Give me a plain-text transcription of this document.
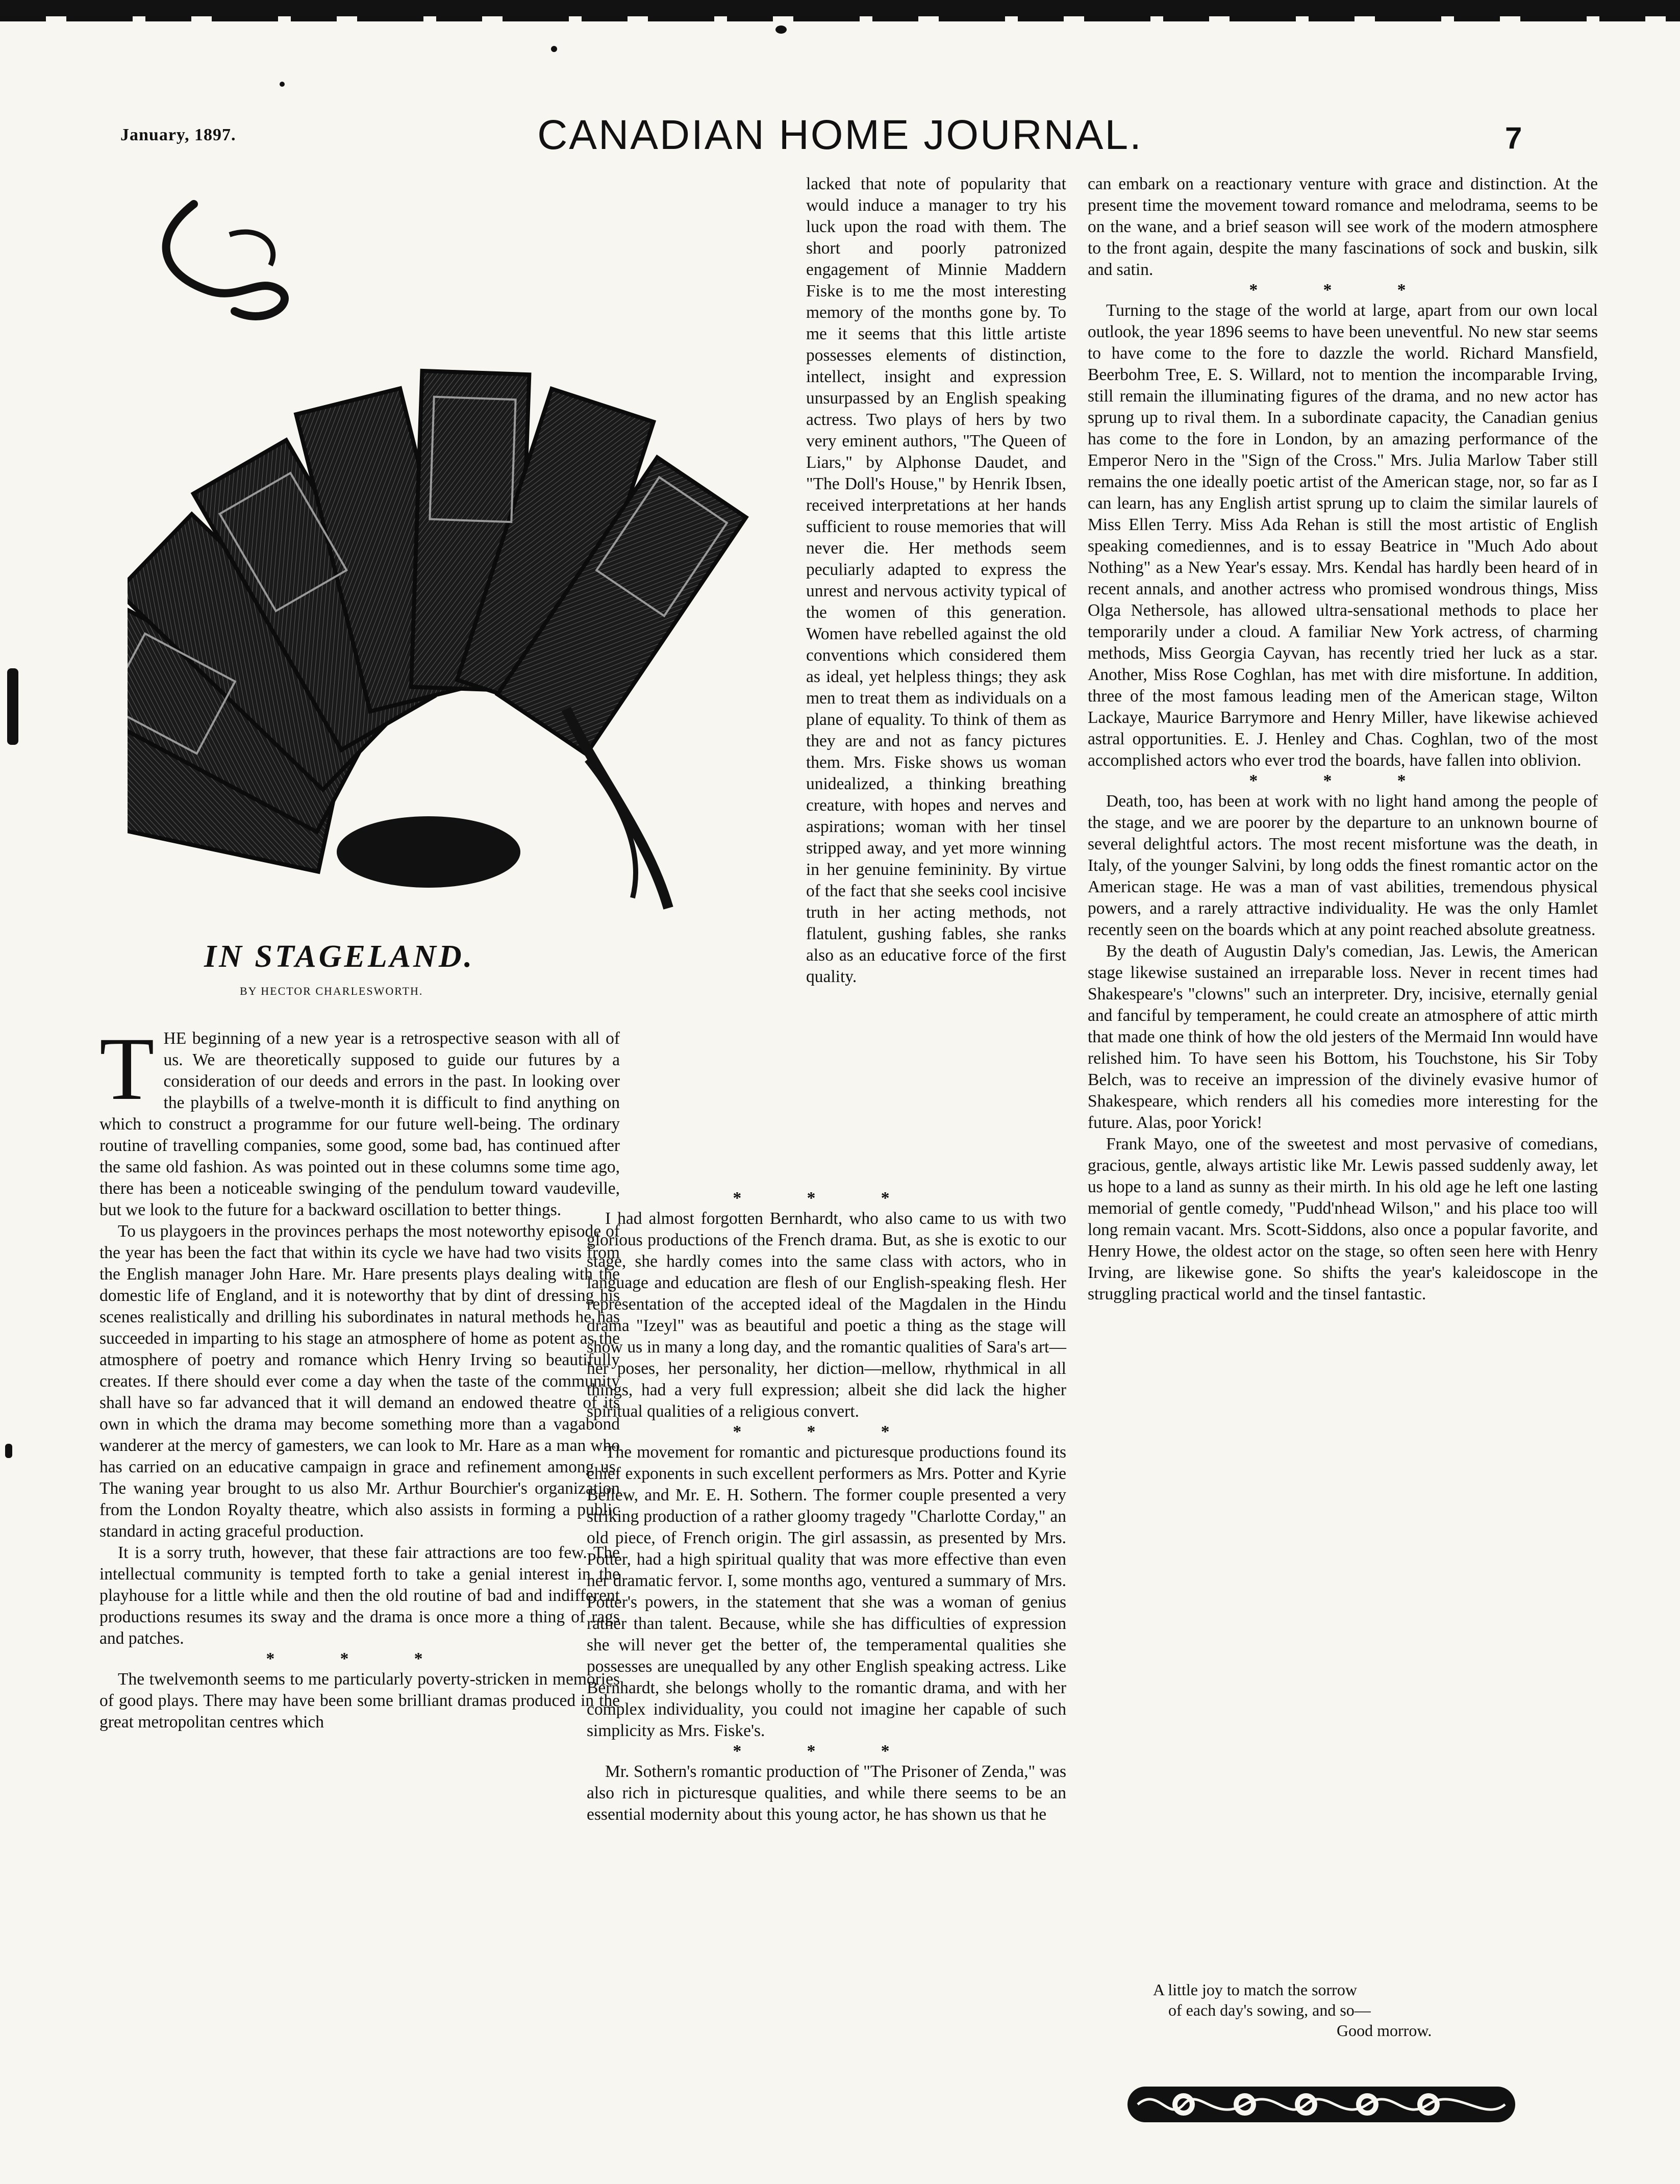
January, 1897.	CANADIAN HOME JOURNAL.	7
IN STAGELAND.
BY HECTOR CHARLESWORTH.

THE beginning of a new year is a retrospective season with all of us. We are theoretically supposed to guide our futures by a consideration of our deeds and errors in the past. In looking over the playbills of a twelve-month it is difficult to find anything on which to construct a programme for our future well-being. The ordinary routine of travelling companies, some good, some bad, has continued after the same old fashion. As was pointed out in these columns some time ago, there has been a noticeable swinging of the pendulum toward vaudeville, but we look to the future for a backward oscillation to better things.

To us playgoers in the provinces perhaps the most noteworthy episode of the year has been the fact that within its cycle we have had two visits from the English manager John Hare. Mr. Hare presents plays dealing with the domestic life of England, and it is noteworthy that by dint of dressing his scenes realistically and drilling his subordinates in natural methods he has succeeded in imparting to his stage an atmosphere of home as potent as the atmosphere of poetry and romance which Henry Irving so beautifully creates. If there should ever come a day when the taste of the community shall have so far advanced that it will demand an endowed theatre of its own in which the drama may become something more than a vagabond wanderer at the mercy of gamesters, we can look to Mr. Hare as a man who has carried on an educative campaign in grace and refinement among us. The waning year brought to us also Mr. Arthur Bourchier's organization from the London Royalty theatre, which also assists in forming a public standard in acting graceful production.

It is a sorry truth, however, that these fair attractions are too few. The intellectual community is tempted forth to take a genial interest in the playhouse for a little while and then the old routine of bad and indifferent productions resumes its sway and the drama is once more a thing of rags and patches.

* * *

The twelvemonth seems to me particularly poverty-stricken in memories of good plays. There may have been some brilliant dramas produced in the great metropolitan centres which

lacked that note of popularity that would induce a manager to try his luck upon the road with them. The short and poorly patronized engagement of Minnie Maddern Fiske is to me the most interesting memory of the months gone by. To me it seems that this little artiste possesses elements of distinction, intellect, insight and expression unsurpassed by an English speaking actress. Two plays of hers by two very eminent authors, "The Queen of Liars," by Alphonse Daudet, and "The Doll's House," by Henrik Ibsen, received interpretations at her hands sufficient to rouse memories that will never die. Her methods seem peculiarly adapted to express the unrest and nervous activity typical of the women of this generation. Women have rebelled against the old conventions which considered them as ideal, yet helpless things; they ask men to treat them as individuals on a plane of equality. To think of them as they are and not as fancy pictures them. Mrs. Fiske shows us woman unidealized, a thinking breathing creature, with hopes and nerves and aspirations; woman with her tinsel stripped away, and yet more winning in her genuine femininity. By virtue of the fact that she seeks cool incisive truth in her acting methods, not flatulent, gushing fables, she ranks also as an educative force of the first quality.

* * *

I had almost forgotten Bernhardt, who also came to us with two glorious productions of the French drama. But, as she is exotic to our stage, she hardly comes into the same class with actors, who in language and education are flesh of our English-speaking flesh. Her representation of the accepted ideal of the Magdalen in the Hindu drama "Izeyl" was as beautiful and poetic a thing as the stage will show us in many a long day, and the romantic qualities of Sara's art—her poses, her personality, her diction—mellow, rhythmical in all things, had a very full expression; albeit she did lack the higher spiritual qualities of a religious convert.

* * *

The movement for romantic and picturesque productions found its chief exponents in such excellent performers as Mrs. Potter and Kyrie Bellew, and Mr. E. H. Sothern. The former couple presented a very striking production of a rather gloomy tragedy "Charlotte Corday," an old piece, of French origin. The girl assassin, as presented by Mrs. Potter, had a high spiritual quality that was more effective than even her dramatic fervor. I, some months ago, ventured a summary of Mrs. Potter's powers, in the statement that she was a woman of genius rather than talent. Because, while she has difficulties of expression she will never get the better of, the temperamental qualities she possesses are unequalled by any other English speaking actress. Like Bernhardt, she belongs wholly to the romantic drama, and with her complex individuality, you could not imagine her capable of such simplicity as Mrs. Fiske's.

* * *

Mr. Sothern's romantic production of "The Prisoner of Zenda," was also rich in picturesque qualities, and while there seems to be an essential modernity about this young actor, he has shown us that he

can embark on a reactionary venture with grace and distinction. At the present time the movement toward romance and melodrama, seems to be on the wane, and a brief season will see work of the modern atmosphere to the front again, despite the many fascinations of sock and buskin, silk and satin.

* * *

Turning to the stage of the world at large, apart from our own local outlook, the year 1896 seems to have been uneventful. No new star seems to have come to the fore to dazzle the world. Richard Mansfield, Beerbohm Tree, E. S. Willard, not to mention the incomparable Irving, still remain the illuminating figures of the drama, and no new actor has sprung up to rival them. In a subordinate capacity, the Canadian genius has come to the fore in London, by an amazing performance of the Emperor Nero in the "Sign of the Cross." Mrs. Julia Marlow Taber still remains the one ideally poetic artist of the American stage, nor, so far as I can learn, has any English artist sprung up to claim the similar laurels of Miss Ellen Terry. Miss Ada Rehan is still the most artistic of English speaking comediennes, and is to essay Beatrice in "Much Ado about Nothing" as a New Year's essay. Mrs. Kendal has hardly been heard of in recent annals, and another actress who promised wondrous things, Miss Olga Nethersole, has allowed ultra-sensational methods to place her temporarily under a cloud. A familiar New York actress, of charming methods, Miss Georgia Cayvan, has recently tried her luck as a star. Another, Miss Rose Coghlan, has met with dire misfortune. In addition, three of the most famous leading men of the American stage, Wilton Lackaye, Maurice Barrymore and Henry Miller, have likewise achieved astral opportunities. E. J. Henley and Chas. Coghlan, two of the most accomplished actors who ever trod the boards, have fallen into oblivion.

* * *

Death, too, has been at work with no light hand among the people of the stage, and we are poorer by the departure to an unknown bourne of several delightful actors. The most recent misfortune was the death, in Italy, of the younger Salvini, by long odds the finest romantic actor on the American stage. He was a man of vast abilities, tremendous physical powers, and a rarely attractive individuality. He was the only Hamlet recently seen on the boards which at any point reached absolute greatness.

By the death of Augustin Daly's comedian, Jas. Lewis, the American stage likewise sustained an irreparable loss. Never in recent times had Shakespeare's "clowns" such an interpreter. Dry, incisive, eternally genial and fanciful by temperament, he could create an atmosphere of attic mirth that made one think of how the old jesters of the Mermaid Inn would have relished him. To have seen his Bottom, his Touchstone, his Sir Toby Belch, was to receive an impression of the divinely evasive humor of Shakespeare, which renders all his comedies more interesting for the future. Alas, poor Yorick!

Frank Mayo, one of the sweetest and most pervasive of comedians, gracious, gentle, always artistic like Mr. Lewis passed suddenly away, let us hope to a land as sunny as their mirth. In his old age he left one lasting memorial of gentle comedy, "Pudd'nhead Wilson," and his place too will long remain vacant. Mrs. Scott-Siddons, also once a popular favorite, and Henry Howe, the oldest actor on the stage, so often seen here with Henry Irving, are likewise gone. So shifts the year's kaleidoscope in the struggling practical world and the tinsel fantastic.

A little joy to match the sorrow
of each day's sowing, and so—
Good morrow.
